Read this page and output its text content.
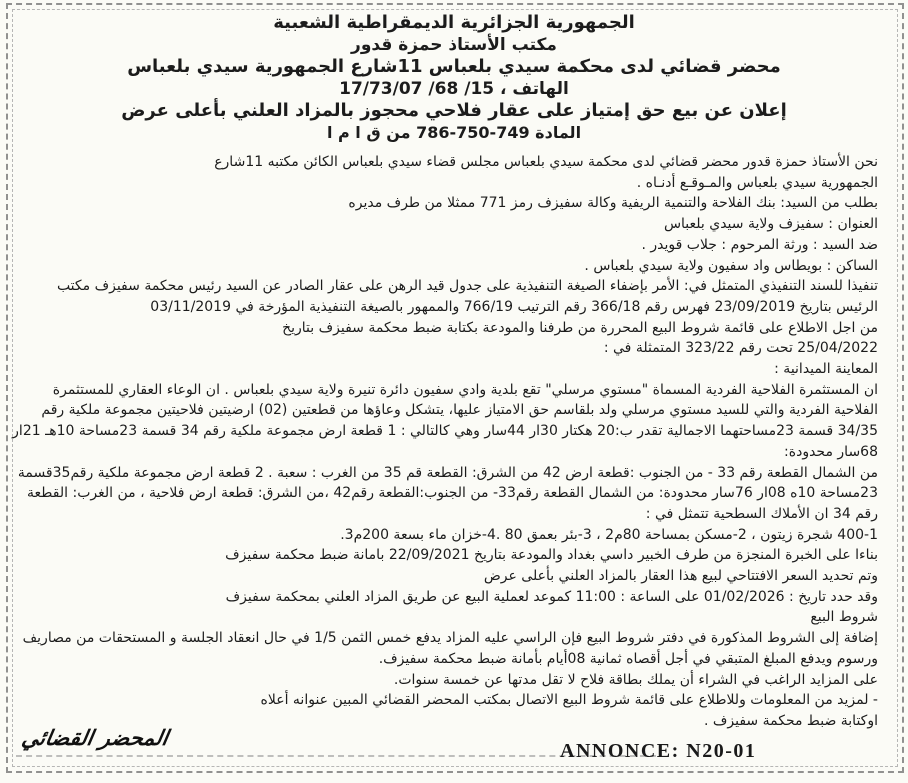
الجمهورية الجزائرية الديمقراطية الشعبية
مكتب الأستاذ حمزة قدور
محضر قضائي لدى محكمة سيدي بلعباس 11شارع الجمهورية سيدي بلعباس
الهاتف ، 15/ 68/ 17/73/07
إعلان عن بيع حق إمتياز على عقار فلاحي محجوز بالمزاد العلني بأعلى عرض
المادة 749‏-‏750‏-‏786 من ق ا م ا
نحن الأستاذ حمزة قدور محضر قضائي لدى محكمة سيدي بلعباس مجلس قضاء سيدي بلعباس الكائن مكتبه 11شارع
الجمهورية سيدي بلعباس والمـوقـع أدنـاه .
بطلب من السيد: بنك الفلاحة والتنمية الريفية وكالة سفيزف رمز 771 ممثلا من طرف مديره
العنوان : سفيزف ولاية سيدي بلعباس
ضد السيد : ورثة المرحوم : جلاب قويدر .
الساكن : بويطاس واد سفيون ولاية سيدي بلعباس .
تنفيذا للسند التنفيذي المتمثل في: الأمر بإضفاء الصيغة التنفيذية على جدول قيد الرهن على عقار الصادر عن السيد رئيس محكمة سفيزف مكتب
الرئيس بتاريخ 23/09/2019 فهرس رقم 366/18 رقم الترتيب 766/19 والممهور بالصيغة التنفيذية المؤرخة في 03/11/2019
من اجل الاطلاع على قائمة شروط البيع المحررة من طرفنا والمودعة بكتابة ضبط محكمة سفيزف بتاريخ
25/04/2022 تحت رقم 323/22 المتمثلة في :
المعاينة الميدانية :
ان المستثمرة الفلاحية الفردية المسماة "مستوي مرسلي" تقع بلدية وادي سفيون دائرة تنيرة ولاية سيدي بلعباس . ان الوعاء العقاري للمستثمرة
الفلاحية الفردية والتي للسيد مستوي مرسلي ولد بلقاسم حق الامتياز عليها، يتشكل وعاؤها من قطعتين (02) ارضيتين فلاحيتين مجموعة ملكية رقم
34/35 قسمة 23مساحتهما الاجمالية تقدر ب:20 هكتار 30ار 44سار وهي كالتالي : 1 قطعة ارض مجموعة ملكية رقم 34 قسمة 23مساحة 10هـ 21ار
68سار محدودة:
من الشمال القطعة رقم 33 - من الجنوب :قطعة ارض 42 من الشرق: القطعة قم 35 من الغرب : سعبة . 2 قطعة ارض مجموعة ملكية رقم35قسمة
23مساحة 10ه 08ار 76سار محدودة: من الشمال القطعة رقم33- من الجنوب:القطعة رقم42 ،من الشرق: قطعة ارض فلاحية ، من الغرب: القطعة
رقم 34 ان الأملاك السطحية تتمثل في :
1‏-‏400 شجرة زيتون ، 2-مسكن بمساحة 80م2 ، 3-بئر بعمق 80 .4-خزان ماء بسعة 200م3.
بناءا على الخبرة المنجزة من طرف الخبير داسي بغداد والمودعة بتاريخ 22/09/2021 بامانة ضبط محكمة سفيزف
وتم تحديد السعر الافتتاحي لبيع هذا العقار بالمزاد العلني بأعلى عرض
وقد حدد تاريخ : 01/02/2026 على الساعة : 11:00 كموعد لعملية البيع عن طريق المزاد العلني بمحكمة سفيزف
شروط البيع
إضافة إلى الشروط المذكورة في دفتر شروط البيع فإن الراسي عليه المزاد يدفع خمس الثمن 1/5 في حال انعقاد الجلسة و المستحقات من مصاريف
ورسوم ويدفع المبلغ المتبقي في أجل أقصاه ثمانية 08أيام بأمانة ضبط محكمة سفيزف.
على المزايد الراغب في الشراء أن يملك بطاقة فلاح لا تقل مدتها عن خمسة سنوات.
- لمزيد من المعلومات وللاطلاع على قائمة شروط البيع الاتصال بمكتب المحضر القضائي المبين عنوانه أعلاه
اوكتابة ضبط محكمة سفيزف .
المحضر القضائي
ANNONCE: N20-01
